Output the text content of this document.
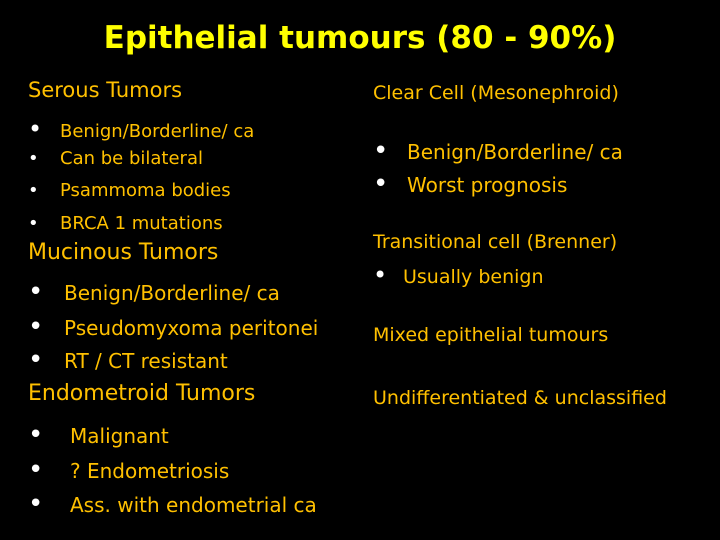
Epithelial tumours (80 - 90%)
Serous Tumors
• Benign/Borderline/ ca
• Can be bilateral
• Psammoma bodies
• BRCA 1 mutations
Mucinous Tumors
• Benign/Borderline/ ca
• Pseudomyxoma peritonei
• RT / CT resistant
Endometroid Tumors
• Malignant
• ? Endometriosis
• Ass. with endometrial ca
Clear Cell (Mesonephroid)
• Benign/Borderline/ ca
• Worst prognosis
Transitional cell (Brenner)
• Usually benign
Mixed epithelial tumours
Undifferentiated & unclassified
